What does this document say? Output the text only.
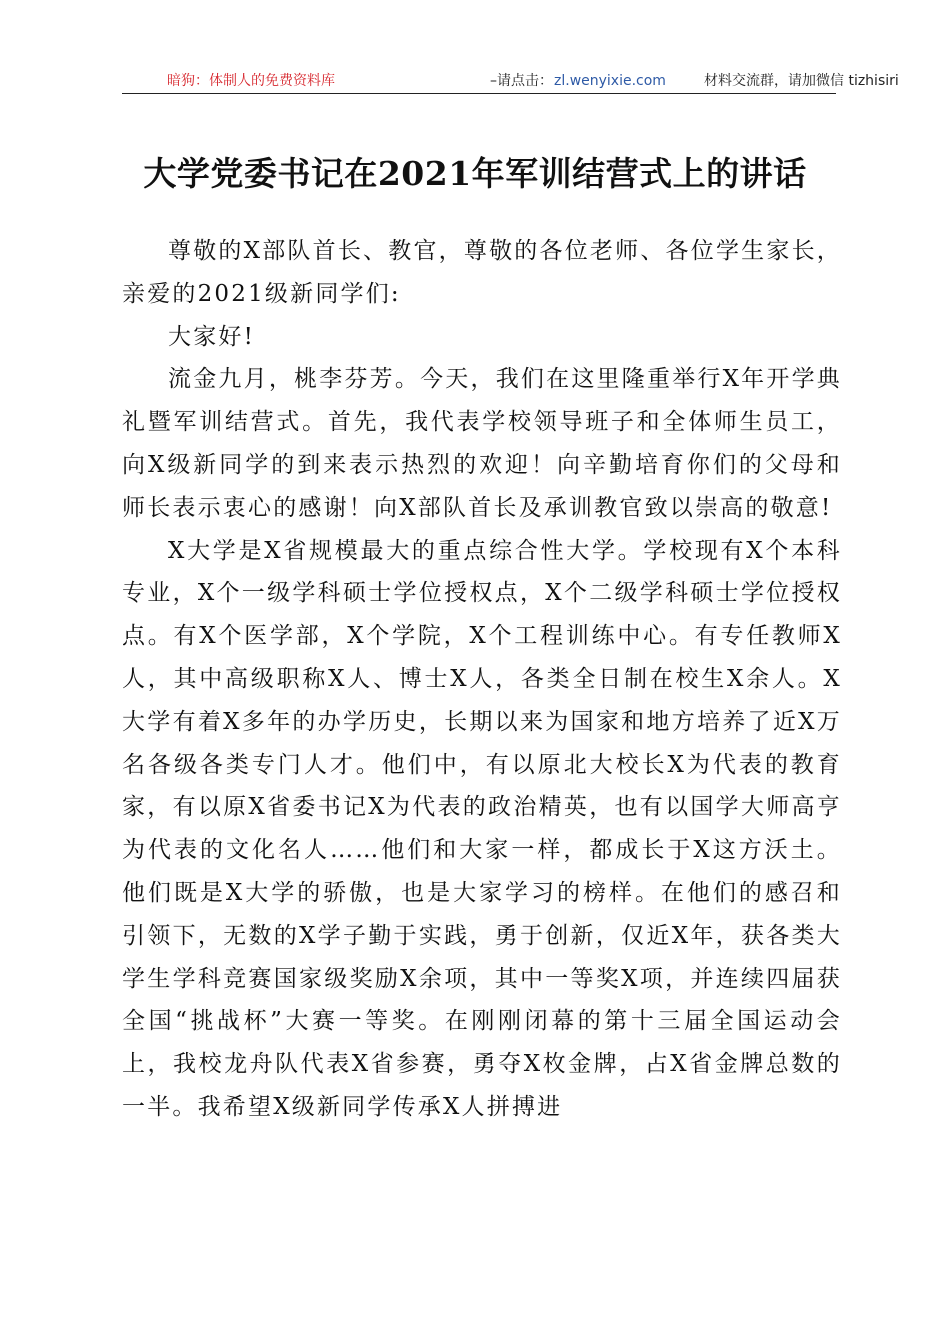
暗狗：体制人的免费资料库	–请点击： zl.wenyixie.com	材料交流群，请加微信 tizhisiri
大学党委书记在2021年军训结营式上的讲话

尊敬的X部队首长、教官，尊敬的各位老师、各位学生家长，亲爱的2021级新同学们:

大家好!

流金九月，桃李芬芳。今天，我们在这里隆重举行X年开学典礼暨军训结营式。首先，我代表学校领导班子和全体师生员工，向X级新同学的到来表示热烈的欢迎！向辛勤培育你们的父母和师长表示衷心的感谢！向X部队首长及承训教官致以崇高的敬意!

X大学是X省规模最大的重点综合性大学。学校现有X个本科专业，X个一级学科硕士学位授权点，X个二级学科硕士学位授权点。有X个医学部，X个学院，X个工程训练中心。有专任教师X人，其中高级职称X人、博士X人，各类全日制在校生X余人。X大学有着X多年的办学历史，长期以来为国家和地方培养了近X万名各级各类专门人才。他们中，有以原北大校长X为代表的教育家，有以原X省委书记X为代表的政治精英，也有以国学大师高亨为代表的文化名人……他们和大家一样，都成长于X这方沃土。他们既是X大学的骄傲，也是大家学习的榜样。在他们的感召和引领下，无数的X学子勤于实践，勇于创新，仅近X年，获各类大学生学科竞赛国家级奖励X余项，其中一等奖X项，并连续四届获全国“挑战杯”大赛一等奖。在刚刚闭幕的第十三届全国运动会上，我校龙舟队代表X省参赛，勇夺X枚金牌，占X省金牌总数的一半。我希望X级新同学传承X人拼搏进
